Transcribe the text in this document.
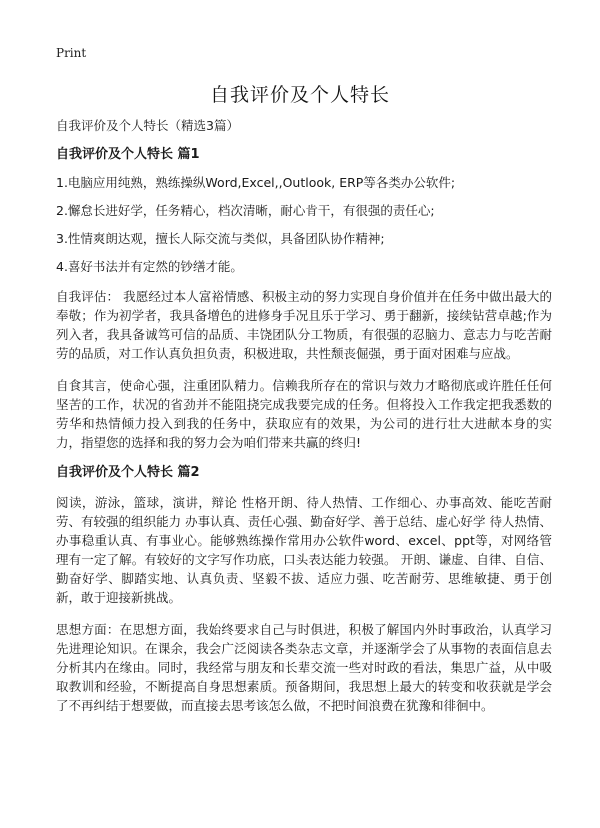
Print
自我评价及个人特长

自我评价及个人特长（精选3篇）

自我评价及个人特长 篇1

1.电脑应用纯熟，熟练操纵Word,Excel,,Outlook, ERP等各类办公软件;

2.懈怠长进好学，任务精心，档次清晰，耐心肯干，有很强的责任心;

3.性情爽朗达观，擅长人际交流与类似，具备团队协作精神;

4.喜好书法并有定然的钞缮才能。

自我评估： 我愿经过本人富裕情感、积极主动的努力实现自身价值并在任务中做出最大的奉敬；作为初学者，我具备增色的进修身手况且乐于学习、勇于翻新，接续钻营卓越;作为列入者，我具备诚笃可信的品质、丰饶团队分工物质，有很强的忍脑力、意志力与吃苦耐劳的品质，对工作认真负担负责，积极进取，共性颓丧倔强，勇于面对困难与应战。

自食其言，使命心强，注重团队精力。信赖我所存在的常识与效力才略彻底或许胜任任何坚苦的工作，状况的省劲并不能阻挠完成我要完成的任务。但将投入工作我定把我悉数的劳华和热情倾力投入到我的任务中，获取应有的效果，为公司的进行壮大进献本身的实力，指望您的选择和我的努力会为咱们带来共赢的终归!

自我评价及个人特长 篇2

阅读，游泳，篮球，演讲，辩论 性格开朗、待人热情、工作细心、办事高效、能吃苦耐劳、有较强的组织能力 办事认真、责任心强、勤奋好学、善于总结、虚心好学 待人热情、办事稳重认真、有事业心。能够熟练操作常用办公软件word、excel、ppt等，对网络管理有一定了解。有较好的文字写作功底，口头表达能力较强。 开朗、谦虚、自律、自信、勤奋好学、脚踏实地、认真负责、坚毅不拔、适应力强、吃苦耐劳、思维敏捷、勇于创新，敢于迎接新挑战。

思想方面：在思想方面，我始终要求自己与时俱进，积极了解国内外时事政治，认真学习先进理论知识。在课余，我会广泛阅读各类杂志文章，并逐渐学会了从事物的表面信息去分析其内在缘由。同时，我经常与朋友和长辈交流一些对时政的看法，集思广益，从中吸取教训和经验，不断提高自身思想素质。预备期间，我思想上最大的转变和收获就是学会了不再纠结于想要做，而直接去思考该怎么做，不把时间浪费在犹豫和徘徊中。
